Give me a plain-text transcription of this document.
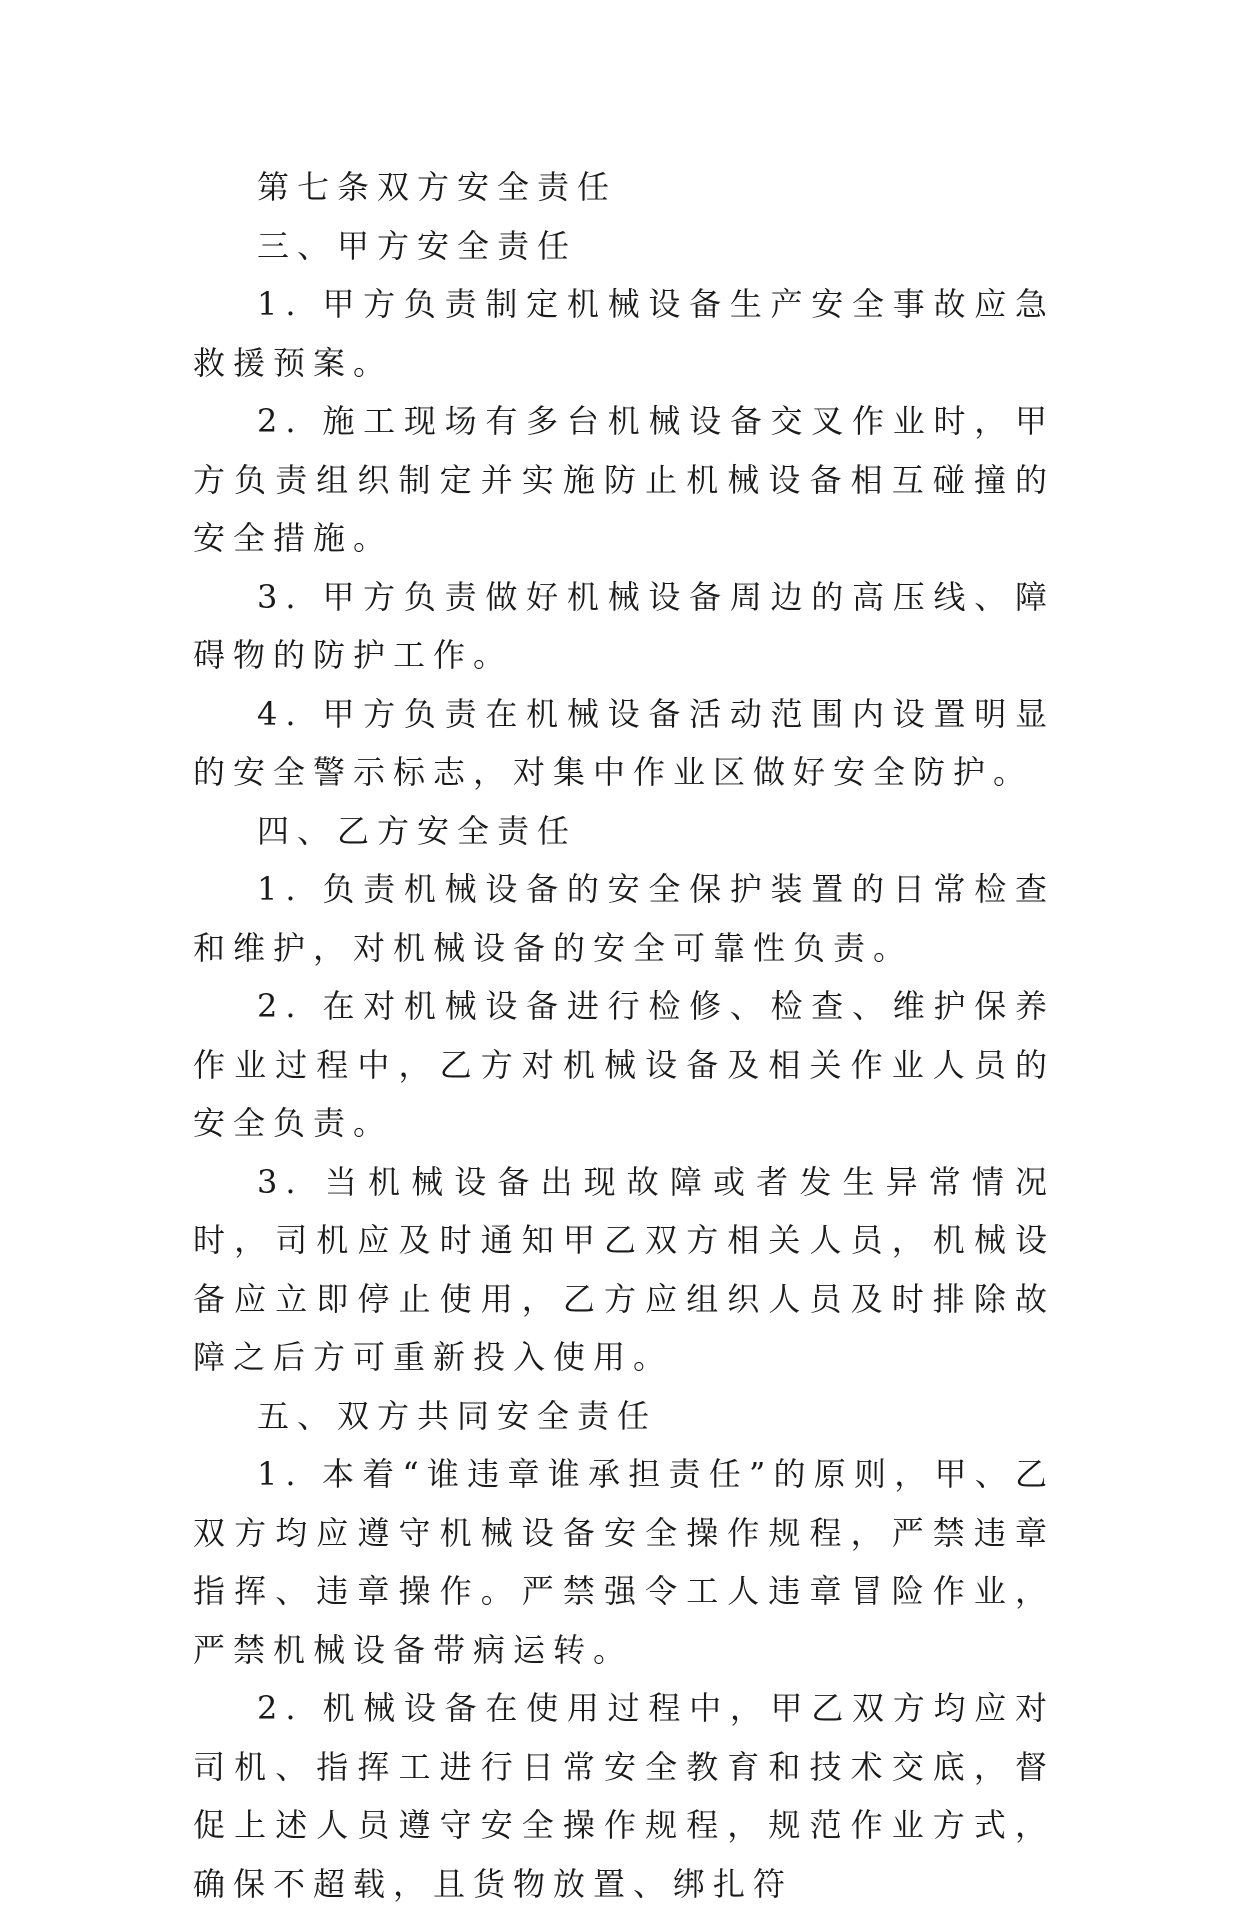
第七条双方安全责任

三、甲方安全责任

1. 甲方负责制定机械设备生产安全事故应急救援预案。

2. 施工现场有多台机械设备交叉作业时，甲方负责组织制定并实施防止机械设备相互碰撞的安全措施。

3. 甲方负责做好机械设备周边的高压线、障碍物的防护工作。

4. 甲方负责在机械设备活动范围内设置明显的安全警示标志，对集中作业区做好安全防护。

四、乙方安全责任

1. 负责机械设备的安全保护装置的日常检查和维护，对机械设备的安全可靠性负责。

2. 在对机械设备进行检修、检查、维护保养作业过程中，乙方对机械设备及相关作业人员的安全负责。

3. 当机械设备出现故障或者发生异常情况时，司机应及时通知甲乙双方相关人员，机械设备应立即停止使用，乙方应组织人员及时排除故障之后方可重新投入使用。

五、双方共同安全责任

1. 本着“谁违章谁承担责任”的原则，甲、乙双方均应遵守机械设备安全操作规程，严禁违章指挥、违章操作。严禁强令工人违章冒险作业，严禁机械设备带病运转。

2. 机械设备在使用过程中，甲乙双方均应对司机、指挥工进行日常安全教育和技术交底，督促上述人员遵守安全操作规程，规范作业方式，确保不超载，且货物放置、绑扎符
